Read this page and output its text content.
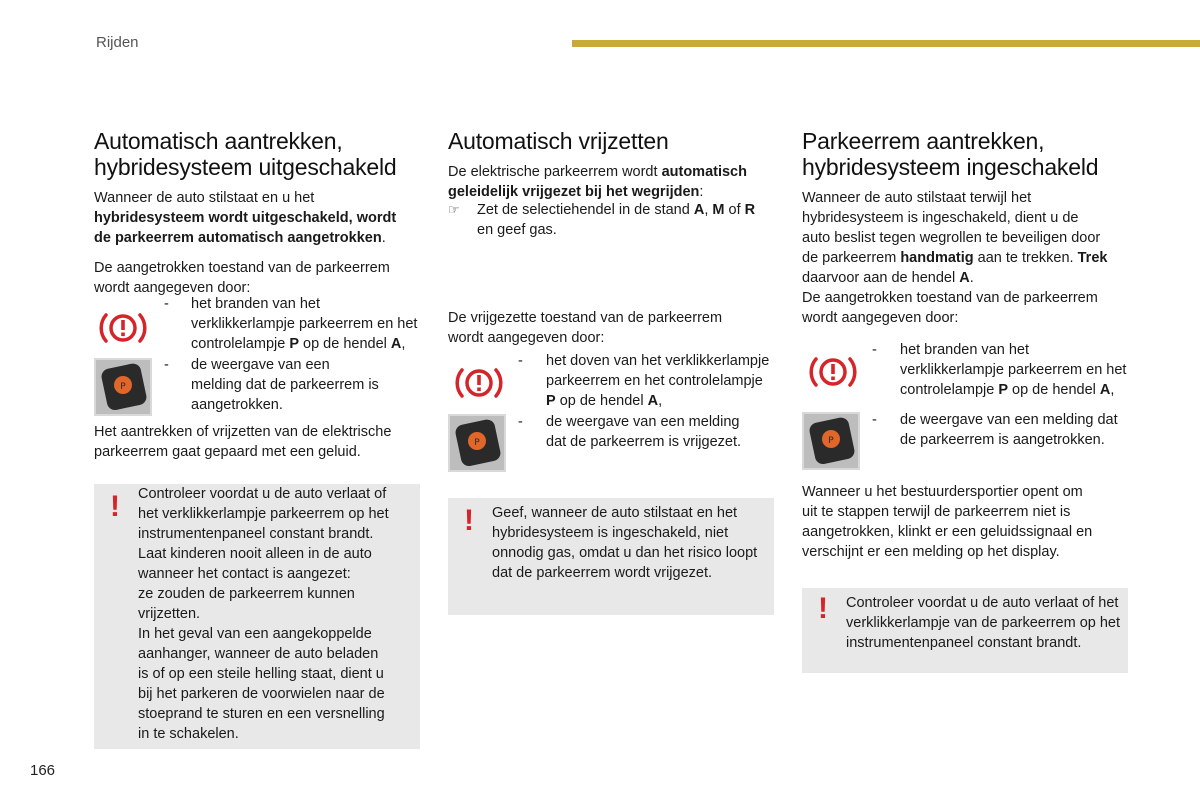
Rijden
Automatisch aantrekken,
hybridesysteem uitgeschakeld

Wanneer de auto stilstaat en u het
hybridesysteem wordt uitgeschakeld, wordt
de parkeerrem automatisch aangetrokken.

De aangetrokken toestand van de parkeerrem
wordt aangegeven door:

P
- het branden van het
verklikkerlampje parkeerrem en het
controlelampje P op de hendel A,
- de weergave van een
melding dat de parkeerrem is
aangetrokken.

Het aantrekken of vrijzetten van de elektrische
parkeerrem gaat gepaard met een geluid.

! Controleer voordat u de auto verlaat of
het verklikkerlampje parkeerrem op het
instrumentenpaneel constant brandt.
Laat kinderen nooit alleen in de auto
wanneer het contact is aangezet:
ze zouden de parkeerrem kunnen
vrijzetten.
In het geval van een aangekoppelde
aanhanger, wanneer de auto beladen
is of op een steile helling staat, dient u
bij het parkeren de voorwielen naar de
stoeprand te sturen en een versnelling
in te schakelen.
Automatisch vrijzetten

De elektrische parkeerrem wordt automatisch
geleidelijk vrijgezet bij het wegrijden:

☞ Zet de selectiehendel in de stand A, M of R
en geef gas.

De vrijgezette toestand van de parkeerrem
wordt aangegeven door:

P
- het doven van het verklikkerlampje
parkeerrem en het controlelampje
P op de hendel A,
- de weergave van een melding
dat de parkeerrem is vrijgezet.
! Geef, wanneer de auto stilstaat en het
hybridesysteem is ingeschakeld, niet
onnodig gas, omdat u dan het risico loopt
dat de parkeerrem wordt vrijgezet.
Parkeerrem aantrekken,
hybridesysteem ingeschakeld

Wanneer de auto stilstaat terwijl het
hybridesysteem is ingeschakeld, dient u de
auto beslist tegen wegrollen te beveiligen door
de parkeerrem handmatig aan te trekken. Trek
daarvoor aan de hendel A.
De aangetrokken toestand van de parkeerrem
wordt aangegeven door:

P
- het branden van het
verklikkerlampje parkeerrem en het
controlelampje P op de hendel A,
- de weergave van een melding dat
de parkeerrem is aangetrokken.

Wanneer u het bestuurdersportier opent om
uit te stappen terwijl de parkeerrem niet is
aangetrokken, klinkt er een geluidssignaal en
verschijnt er een melding op het display.

! Controleer voordat u de auto verlaat of het
verklikkerlampje van de parkeerrem op het
instrumentenpaneel constant brandt.
166
